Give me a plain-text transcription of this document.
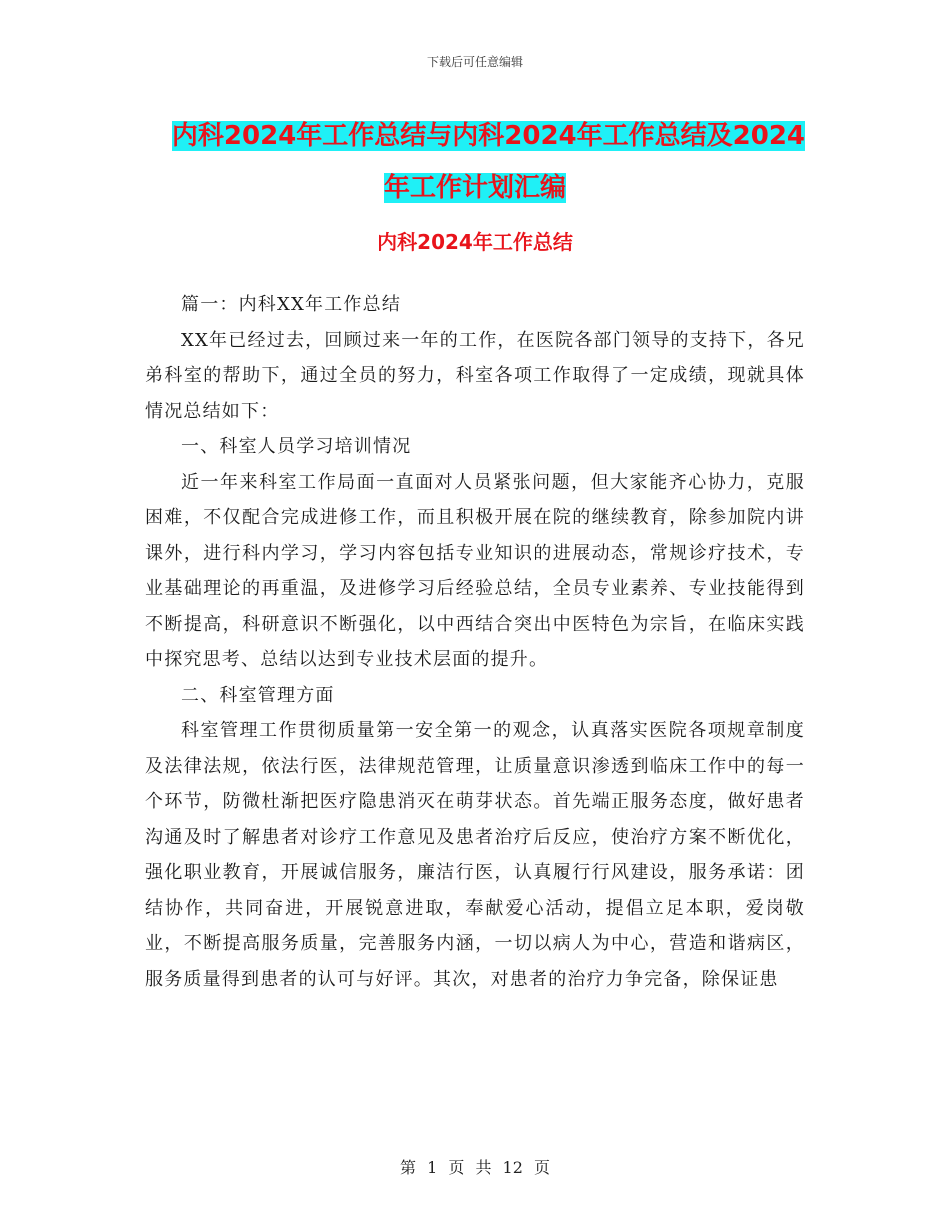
下载后可任意编辑
内科2024年工作总结与内科2024年工作总结及2024
年工作计划汇编
内科2024年工作总结

篇一：内科XX年工作总结

XX年已经过去，回顾过来一年的工作，在医院各部门领导的支持下，各兄弟科室的帮助下，通过全员的努力，科室各项工作取得了一定成绩，现就具体情况总结如下：

一、科室人员学习培训情况

近一年来科室工作局面一直面对人员紧张问题，但大家能齐心协力，克服困难，不仅配合完成进修工作，而且积极开展在院的继续教育，除参加院内讲课外，进行科内学习，学习内容包括专业知识的进展动态，常规诊疗技术，专业基础理论的再重温，及进修学习后经验总结，全员专业素养、专业技能得到不断提高，科研意识不断强化，以中西结合突出中医特色为宗旨，在临床实践中探究思考、总结以达到专业技术层面的提升。

二、科室管理方面

科室管理工作贯彻质量第一安全第一的观念，认真落实医院各项规章制度及法律法规，依法行医，法律规范管理，让质量意识渗透到临床工作中的每一个环节，防微杜渐把医疗隐患消灭在萌芽状态。首先端正服务态度，做好患者沟通及时了解患者对诊疗工作意见及患者治疗后反应，使治疗方案不断优化，强化职业教育，开展诚信服务，廉洁行医，认真履行行风建设，服务承诺：团结协作，共同奋进，开展锐意进取，奉献爱心活动，提倡立足本职，爱岗敬业，不断提高服务质量，完善服务内涵，一切以病人为中心，营造和谐病区，服务质量得到患者的认可与好评。其次，对患者的治疗力争完备，除保证患

第 1 页 共 12 页
